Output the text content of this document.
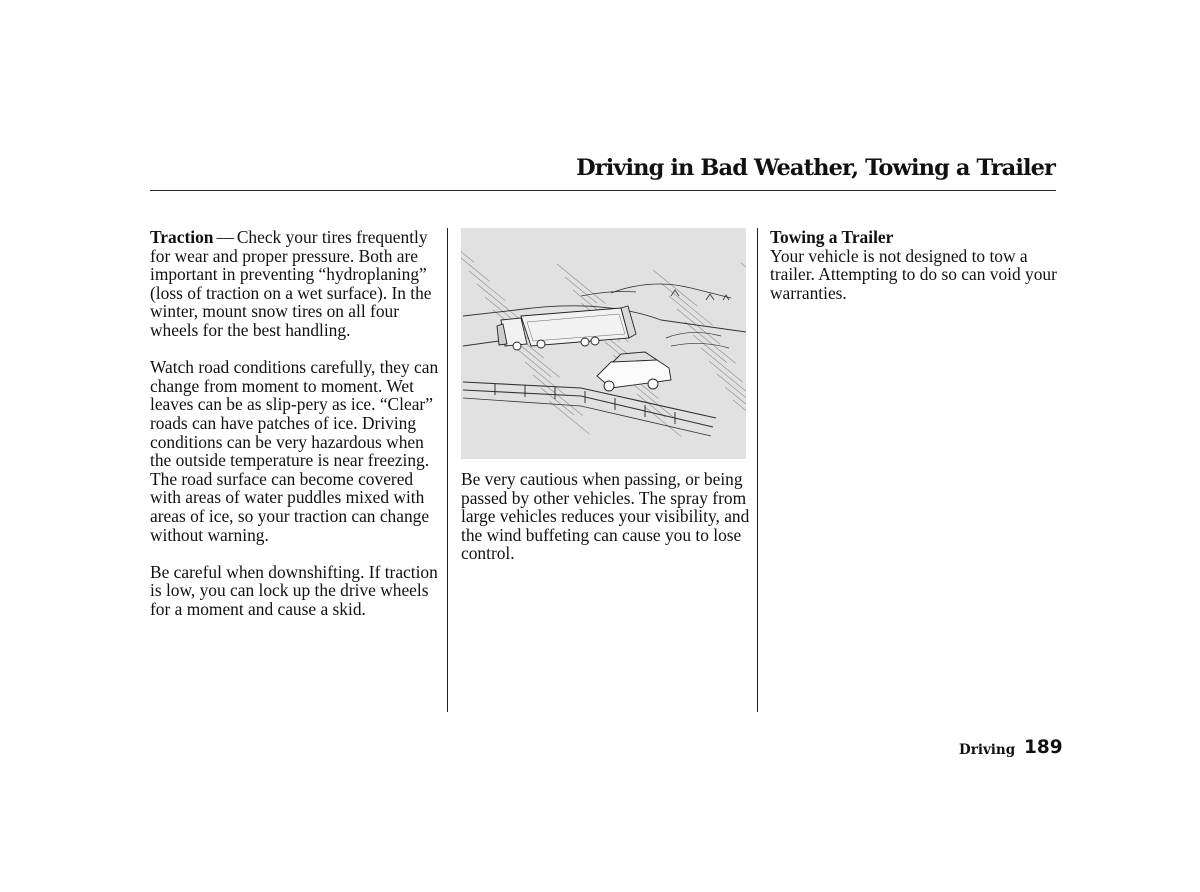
Driving in Bad Weather, Towing a Trailer

Traction — Check your tires frequently for wear and proper pressure. Both are important in preventing “hydroplaning” (loss of traction on a wet surface). In the winter, mount snow tires on all four wheels for the best handling.

Watch road conditions carefully, they can change from moment to moment. Wet leaves can be as slip-pery as ice. “Clear” roads can have patches of ice. Driving conditions can be very hazardous when the outside temperature is near freezing. The road surface can become covered with areas of water puddles mixed with areas of ice, so your traction can change without warning.

Be careful when downshifting. If traction is low, you can lock up the drive wheels for a moment and cause a skid.

Be very cautious when passing, or being passed by other vehicles. The spray from large vehicles reduces your visibility, and the wind buffeting can cause you to lose control.
Towing a Trailer
Your vehicle is not designed to tow a trailer. Attempting to do so can void your warranties.
Driving 189
